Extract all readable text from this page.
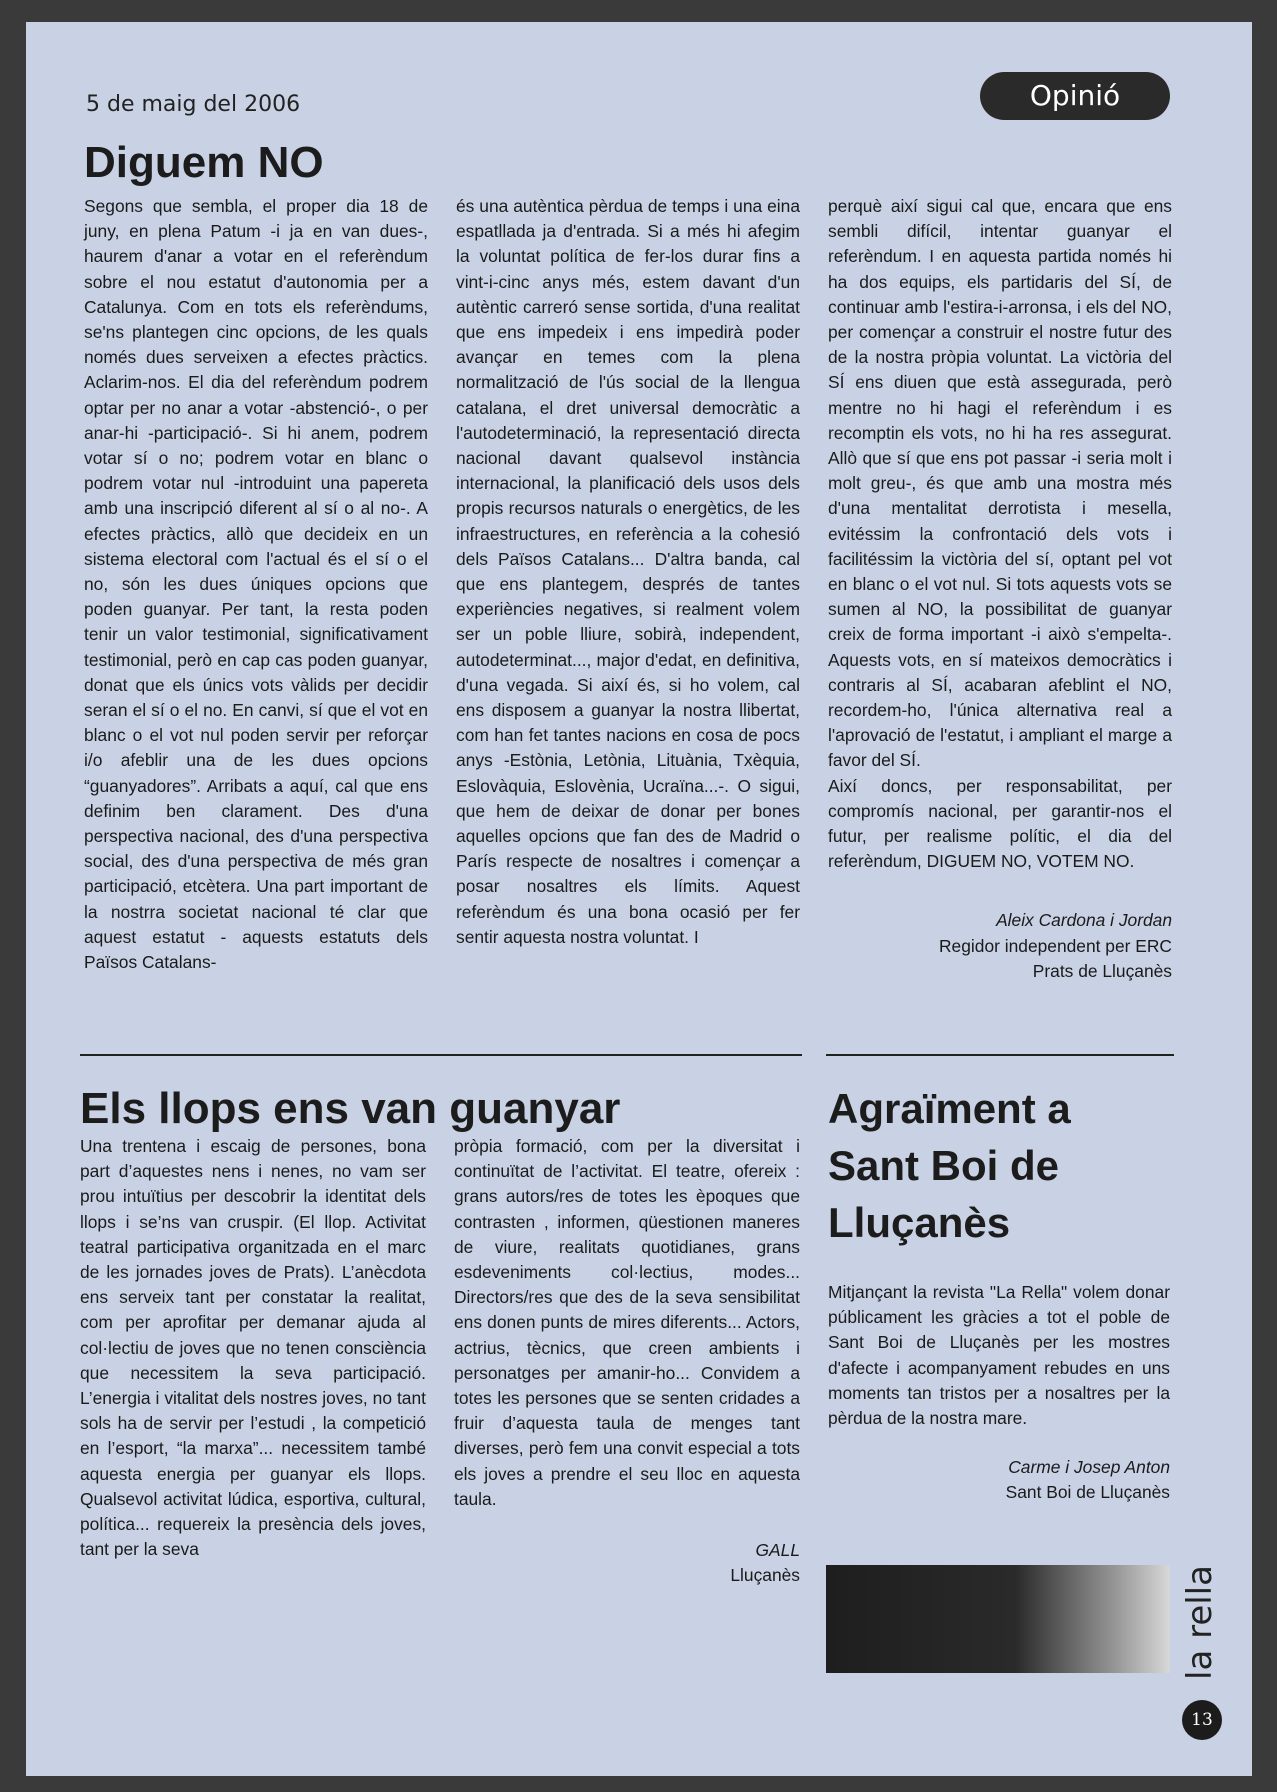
5 de maig del 2006	Opinió
Diguem NO

Segons que sembla, el proper dia 18 de juny, en plena Patum -i ja en van dues-, haurem d'anar a votar en el referèndum sobre el nou estatut d'autonomia per a Catalunya. Com en tots els referèndums, se'ns plantegen cinc opcions, de les quals només dues serveixen a efectes pràctics. Aclarim-nos. El dia del referèndum podrem optar per no anar a votar -abstenció-, o per anar-hi -participació-. Si hi anem, podrem votar sí o no; podrem votar en blanc o podrem votar nul -introduint una papereta amb una inscripció diferent al sí o al no-. A efectes pràctics, allò que decideix en un sistema electoral com l'actual és el sí o el no, són les dues úniques opcions que poden guanyar. Per tant, la resta poden tenir un valor testimonial, significativament testimonial, però en cap cas poden guanyar, donat que els únics vots vàlids per decidir seran el sí o el no. En canvi, sí que el vot en blanc o el vot nul poden servir per reforçar i/o afeblir una de les dues opcions “guanyadores”. Arribats a aquí, cal que ens definim ben clarament. Des d'una perspectiva nacional, des d'una perspectiva social, des d'una perspectiva de més gran participació, etcètera. Una part important de la nostrra societat nacional té clar que aquest estatut - aquests estatuts dels Països Catalans-

és una autèntica pèrdua de temps i una eina espatllada ja d'entrada. Si a més hi afegim la voluntat política de fer-los durar fins a vint-i-cinc anys més, estem davant d'un autèntic carreró sense sortida, d'una realitat que ens impedeix i ens impedirà poder avançar en temes com la plena normalització de l'ús social de la llengua catalana, el dret universal democràtic a l'autodeterminació, la representació directa nacional davant qualsevol instància internacional, la planificació dels usos dels propis recursos naturals o energètics, de les infraestructures, en referència a la cohesió dels Països Catalans... D'altra banda, cal que ens plantegem, després de tantes experiències negatives, si realment volem ser un poble lliure, sobirà, independent, autodeterminat..., major d'edat, en definitiva, d'una vegada. Si així és, si ho volem, cal ens disposem a guanyar la nostra llibertat, com han fet tantes nacions en cosa de pocs anys -Estònia, Letònia, Lituània, Txèquia, Eslovàquia, Eslovènia, Ucraïna...-. O sigui, que hem de deixar de donar per bones aquelles opcions que fan des de Madrid o París respecte de nosaltres i començar a posar nosaltres els límits. Aquest referèndum és una bona ocasió per fer sentir aquesta nostra voluntat. I

perquè així sigui cal que, encara que ens sembli difícil, intentar guanyar el referèndum. I en aquesta partida només hi ha dos equips, els partidaris del SÍ, de continuar amb l'estira-i-arronsa, i els del NO, per començar a construir el nostre futur des de la nostra pròpia voluntat. La victòria del SÍ ens diuen que està assegurada, però mentre no hi hagi el referèndum i es recomptin els vots, no hi ha res assegurat. Allò que sí que ens pot passar -i seria molt i molt greu-, és que amb una mostra més d'una mentalitat derrotista i mesella, evitéssim la confrontació dels vots i facilitéssim la victòria del sí, optant pel vot en blanc o el vot nul. Si tots aquests vots se sumen al NO, la possibilitat de guanyar creix de forma important -i això s'empelta-. Aquests vots, en sí mateixos democràtics i contraris al SÍ, acabaran afeblint el NO, recordem-ho, l'única alternativa real a l'aprovació de l'estatut, i ampliant el marge a favor del SÍ.

Així doncs, per responsabilitat, per compromís nacional, per garantir-nos el futur, per realisme polític, el dia del referèndum, DIGUEM NO, VOTEM NO.

Aleix Cardona i Jordan
Regidor independent per ERC
Prats de Lluçanès
Els llops ens van guanyar

Una trentena i escaig de persones, bona part d’aquestes nens i nenes, no vam ser prou intuïtius per descobrir la identitat dels llops i se’ns van cruspir. (El llop. Activitat teatral participativa organitzada en el marc de les jornades joves de Prats). L’anècdota ens serveix tant per constatar la realitat, com per aprofitar per demanar ajuda al col·lectiu de joves que no tenen consciència que necessitem la seva participació. L’energia i vitalitat dels nostres joves, no tant sols ha de servir per l’estudi , la competició en l’esport, “la marxa”... necessitem també aquesta energia per guanyar els llops. Qualsevol activitat lúdica, esportiva, cultural, política... requereix la presència dels joves, tant per la seva

pròpia formació, com per la diversitat i continuïtat de l’activitat. El teatre, ofereix : grans autors/res de totes les èpoques que contrasten , informen, qüestionen maneres de viure, realitats quotidianes, grans esdeveniments col·lectius, modes... Directors/res que des de la seva sensibilitat ens donen punts de mires diferents... Actors, actrius, tècnics, que creen ambients i personatges per amanir-ho... Convidem a totes les persones que se senten cridades a fruir d’aquesta taula de menges tant diverses, però fem una convit especial a tots els joves a prendre el seu lloc en aquesta taula.

GALL
Lluçanès
Agraïment a Sant Boi de Lluçanès

Mitjançant la revista "La Rella" volem donar públicament les gràcies a tot el poble de Sant Boi de Lluçanès per les mostres d'afecte i acompanyament rebudes en uns moments tan tristos per a nosaltres per la pèrdua de la nostra mare.

Carme i Josep Anton
Sant Boi de Lluçanès
la rella
13
